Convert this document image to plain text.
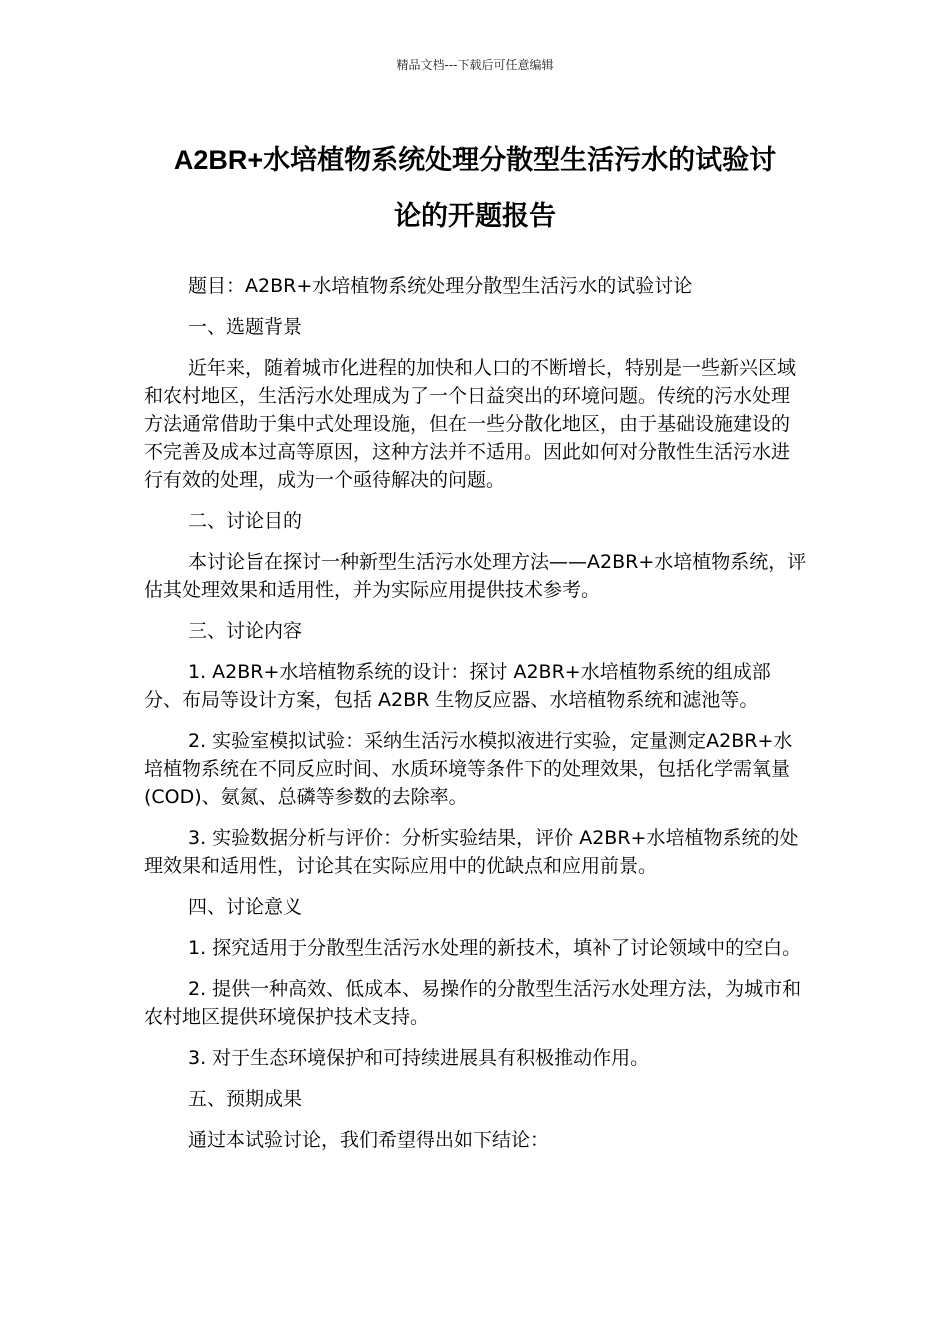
精品文档---下载后可任意编辑
A2BR+水培植物系统处理分散型生活污水的试验讨
论的开题报告

题目：A2BR+水培植物系统处理分散型生活污水的试验讨论

一、选题背景

近年来，随着城市化进程的加快和人口的不断增长，特别是一些新兴区域和农村地区，生活污水处理成为了一个日益突出的环境问题。传统的污水处理方法通常借助于集中式处理设施，但在一些分散化地区，由于基础设施建设的不完善及成本过高等原因，这种方法并不适用。因此如何对分散性生活污水进行有效的处理，成为一个亟待解决的问题。

二、讨论目的

本讨论旨在探讨一种新型生活污水处理方法——A2BR+水培植物系统，评估其处理效果和适用性，并为实际应用提供技术参考。

三、讨论内容

1. A2BR+水培植物系统的设计：探讨 A2BR+水培植物系统的组成部分、布局等设计方案，包括 A2BR 生物反应器、水培植物系统和滤池等。

2. 实验室模拟试验：采纳生活污水模拟液进行实验，定量测定A2BR+水培植物系统在不同反应时间、水质环境等条件下的处理效果，包括化学需氧量(COD)、氨氮、总磷等参数的去除率。

3. 实验数据分析与评价：分析实验结果，评价 A2BR+水培植物系统的处理效果和适用性，讨论其在实际应用中的优缺点和应用前景。

四、讨论意义

1. 探究适用于分散型生活污水处理的新技术，填补了讨论领域中的空白。

2. 提供一种高效、低成本、易操作的分散型生活污水处理方法，为城市和农村地区提供环境保护技术支持。

3. 对于生态环境保护和可持续进展具有积极推动作用。

五、预期成果

通过本试验讨论，我们希望得出如下结论：
